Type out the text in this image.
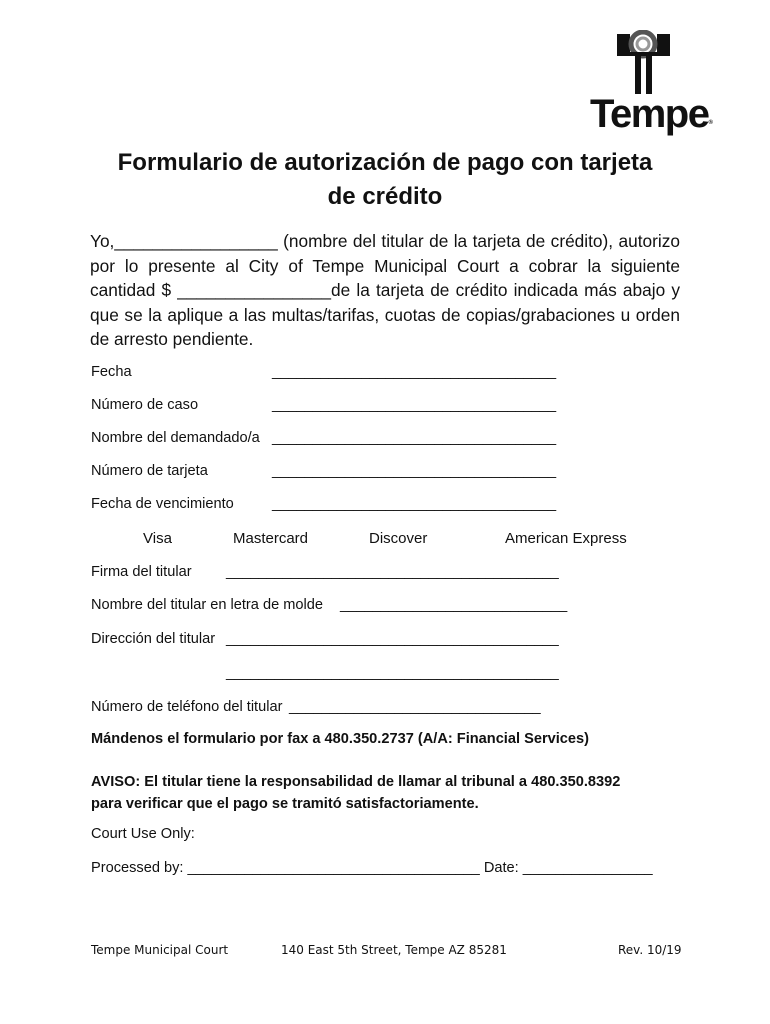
Tempe®
Formulario de autorización de pago con tarjeta
de crédito
Yo,_________________ (nombre del titular de la tarjeta de crédito), autorizo por lo presente al City of Tempe Municipal Court a cobrar la siguiente cantidad $ ________________de la tarjeta de crédito indicada más abajo y que se la aplique a las multas/tarifas, cuotas de copias/grabaciones u orden de arresto pendiente.
Fecha	___________________________________
Número de caso	___________________________________
Nombre del demandado/a ___________________________________
Número de tarjeta	___________________________________
Fecha de vencimiento	___________________________________
Visa	Mastercard	Discover	American Express
Firma del titular _________________________________________
Nombre del titular en letra de molde ____________________________
Dirección del titular _________________________________________
_________________________________________
Número de teléfono del titular _______________________________
Mándenos el formulario por fax a 480.350.2737 (A/A: Financial Services)
AVISO: El titular tiene la responsabilidad de llamar al tribunal a 480.350.8392
para verificar que el pago se tramitó satisfactoriamente.
Court Use Only:
Processed by: ____________________________________ Date: ________________
Tempe Municipal Court	140 East 5th Street, Tempe AZ 85281	Rev. 10/19
